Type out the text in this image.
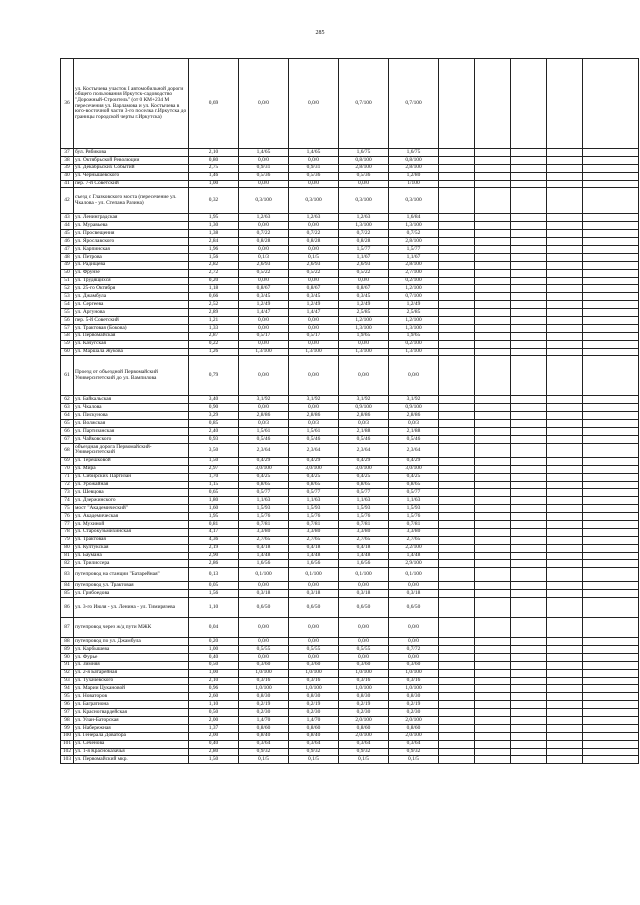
285
36	ул. Костычева участок I автомобильной дороги общего пользования Иркутск-садоводство "Дорожный-Строитель" (от 0 КМ+234 М пересечения ул. Варламова и ул. Костычева в юго-восточной части 3-го поселка г.Иркутска до границы городской черты г.Иркутска)	0,69	0,0/0	0,0/0	0,7/100	0,7/100					
37	бул. Рябикова	2,10	1,4/65	1,4/65	1,6/75	1,6/75					
38	ул. Октябрьской Революции	0,80	0,0/0	0,0/0	0,8/100	0,8/100					
39	ул. Декабрьских Событий	2,75	0,9/31	0,9/31	2,8/100	2,8/100					
40	ул. Чернышевского	1,46	0,5/36	0,5/36	0,5/36	1,2/80					
41	пер. 7-й Советский	1,00	0,0/0	0,0/0	0,0/0	1/100					
42	съезд с Глазковского моста (пересечение ул. Чкалова - ул. Степана Разина)	0,32	0,3/100	0,3/100	0,3/100	0,3/100					
43	ул. Ленинградская	1,95	1,2/63	1,2/63	1,2/63	1,6/84					
44	ул. Муравьева	1,30	0,0/0	0,0/0	1,3/100	1,3/100					
45	ул. Просвещения	1,38	0,7/22	0,7/22	0,7/22	0,7/52					
46	ул. Ярославского	2,84	0,8/28	0,8/28	0,8/28	2,8/100					
47	ул. Карпинская	1,96	0,0/0	0,0/0	1,5/77	1,5/77					
48	ул. Петрова	1,56	0,1/3	0,1/5	1,1/67	1,1/67					
49	ул. Радищева	2,82	2,6/93	2,6/93	2,6/93	2,8/100					
50	ул. Фрунзе	2,72	0,5/22	0,5/22	0,5/22	2,7/100					
51	ул. Трудящихся	0,20	0,0/0	0,0/0	0,0/0	0,2/100					
52	ул. 25-го Октября	1,18	0,8/67	0,8/67	0,8/67	1,2/100					
53	ул. Джамбула	0,66	0,3/45	0,3/45	0,3/45	0,7/100					
54	ул. Сергеева	2,52	1,2/49	1,2/49	1,2/49	1,2/49					
55	ул. Аргунова	2,89	1,4/47	1,4/47	2,5/85	2,5/85					
56	пер. 5-й Советский	1,21	0,0/0	0,0/0	1,2/100	1,2/100					
57	ул. Трактовая (Бокова)	1,33	0,0/0	0,0/0	1,3/100	1,3/100					
58	ул. Первомайская	2,87	0,5/17	0,5/17	1,9/65	1,9/65					
59	ул. Качугская	0,22	0,0/0	0,0/0	0,0/0	0,2/100					
60	ул. Маршала Жукова	1,26	1,3/100	1,3/100	1,3/100	1,3/100					
61	Проезд от объездной Первомайский Университетский до ул. Вампилова	0,79	0,0/0	0,0/0	0,0/0	0,0/0					
62	ул. Байкальская	3,40	3,1/92	3,1/92	3,1/92	3,1/92					
63	ул. Чкалова	0,90	0,0/0	0,0/0	0,9/100	0,9/100					
64	ул. Пискунова	3,29	2,8/86	2,8/86	2,8/86	2,8/86					
65	ул. Волжская	0,85	0,0/3	0,0/3	0,0/3	0,0/3					
66	ул. Партизанская	2,40	1,5/61	1,5/61	2,1/88	2,1/88					
67	ул. Чайковского	0,93	0,5/46	0,5/46	0,5/46	0,5/46					
68	объездная дорога Первомайский-Университетский	3,50	2,3/64	2,3/64	2,3/64	2,3/64					
69	ул. Терешковой	1,50	0,4/29	0,4/29	0,4/29	0,4/29					
70	ул. Мира	2,97	3,0/100	3,0/100	3,0/100	3,0/100					
71	ул. Сибирских Партизан	1,70	0,4/25	0,4/25	0,4/25	0,4/25					
72	ул. Урожайная	1,15	0,8/65	0,8/65	0,8/65	0,8/65					
73	ул. Шевцова	0,65	0,5/77	0,5/77	0,5/77	0,5/77					
74	ул. Дзержинского	1,80	1,1/63	1,1/63	1,1/63	1,1/63					
75	мост "Академический"	1,60	1,5/93	1,5/93	1,5/93	1,5/93					
76	ул. Академическая	1,95	1,5/76	1,5/76	1,5/76	1,5/76					
77	ул. Мухиной	0,81	0,7/81	0,7/81	0,7/81	0,7/81					
78	ул. Старокузьмихинская	4,17	3,3/80	3,3/80	3,3/80	3,3/80					
79	ул. Трактовая	4,36	2,7/65	2,7/65	2,7/65	2,7/65					
80	ул. Култукская	2,19	0,4/18	0,4/18	0,4/18	2,2/100					
81	ул. Баумана	2,90	1,4/48	1,4/48	1,4/48	1,4/48					
82	ул. Трилиссера	2,86	1,6/56	1,6/56	1,6/56	2,9/100					
83	путепровод на станции "Батарейная"	0,13	0,1/100	0,1/100	0,1/100	0,1/100					
84	путепровод ул. Трактовая	0,05	0,0/0	0,0/0	0,0/0	0,0/0					
85	ул. Грибоедова	1,56	0,3/18	0,3/18	0,3/18	0,3/18					
86	ул. 3-го Июля - ул. Ленина - ул. Тимирязева	1,10	0,6/50	0,6/50	0,6/50	0,6/50					
87	путепровод через ж/д пути МЖК	0,04	0,0/0	0,0/0	0,0/0	0,0/0					
88	путепровод по ул. Джамбула	0,20	0,0/0	0,0/0	0,0/0	0,0/0					
89	ул. Карбышева	1,00	0,5/55	0,5/55	0,5/55	0,7/72					
90	ул. Фурье	0,40	0,0/0	0,0/0	0,0/0	0,0/0					
91	ул. Зимняя	0,50	0,3/60	0,3/60	0,3/60	0,3/60					
92	ул. 2-я Батарейная	1,00	1,0/100	1,0/100	1,0/100	1,0/100					
93	ул. Тухачевского	2,10	0,3/16	0,3/16	0,3/16	0,3/16					
94	ул. Марии Цукановой	0,96	1,0/100	1,0/100	1,0/100	1,0/100					
95	ул. Новаторов	2,60	0,8/30	0,8/30	0,8/30	0,8/30					
96	ул. Багратиона	1,10	0,2/19	0,2/19	0,2/19	0,2/19					
97	ул. Красногвардейская	0,50	0,2/30	0,2/30	0,2/30	0,2/30					
98	ул. Улан-Баторская	2,00	1,4/70	1,4/70	2,0/100	2,0/100					
99	ул. Набережная	1,37	0,8/60	0,8/60	0,8/60	0,8/60					
100	ул. Генерала Доватора	2,00	0,8/40	0,8/40	2,0/100	2,0/100					
101	ул. Сеченова	0,40	0,3/64	0,3/64	0,3/64	0,3/64					
102	ул. 1-я Красноказачья	2,80	0,9/32	0,9/32	0,9/32	0,9/32					
103	ул. Первомайский мкр.	1,50	0,1/5	0,1/5	0,1/5	0,1/5					
